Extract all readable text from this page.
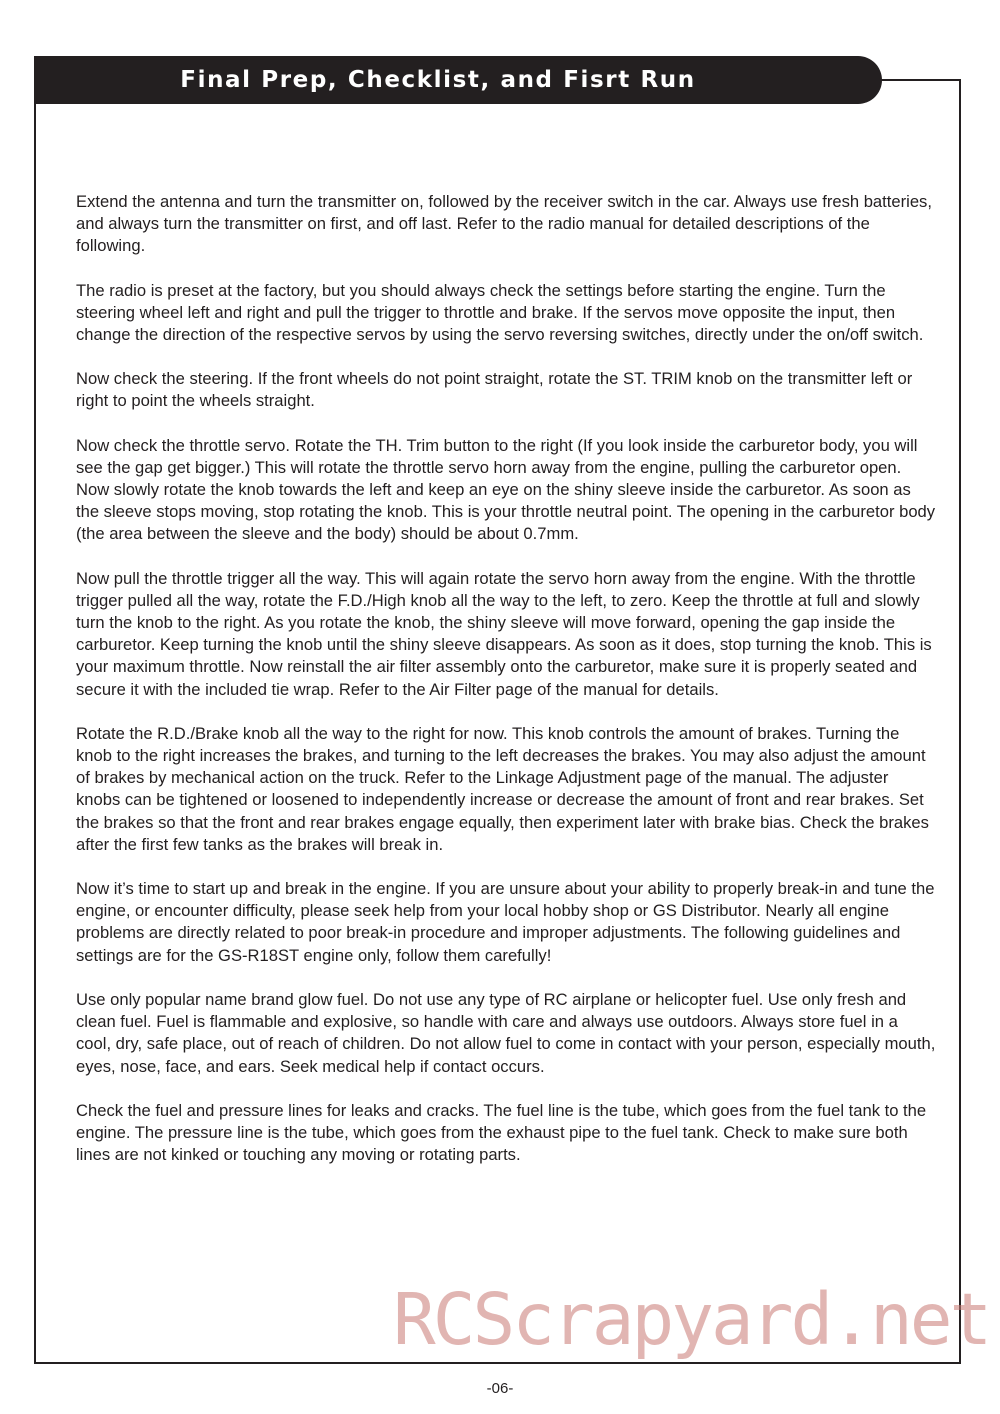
Final Prep, Checklist, and Fisrt Run

Extend the antenna and turn the transmitter on, followed by the receiver switch in the car. Always use fresh batteries, and always turn the transmitter on first, and off last. Refer to the radio manual for detailed descriptions of the following.

The radio is preset at the factory, but you should always check the settings before starting the engine. Turn the steering wheel left and right and pull the trigger to throttle and brake. If the servos move opposite the input, then change the direction of the respective servos by using the servo reversing switches, directly under the on/off switch.

Now check the steering. If the front wheels do not point straight, rotate the ST. TRIM knob on the transmitter left or right to point the wheels straight.

Now check the throttle servo. Rotate the TH. Trim button to the right (If you look inside the carburetor body, you will see the gap get bigger.) This will rotate the throttle servo horn away from the engine, pulling the carburetor open. Now slowly rotate the knob towards the left and keep an eye on the shiny sleeve inside the carburetor. As soon as the sleeve stops moving, stop rotating the knob. This is your throttle neutral point. The opening in the carburetor body (the area between the sleeve and the body) should be about 0.7mm.

Now pull the throttle trigger all the way. This will again rotate the servo horn away from the engine. With the throttle trigger pulled all the way, rotate the F.D./High knob all the way to the left, to zero. Keep the throttle at full and slowly turn the knob to the right. As you rotate the knob, the shiny sleeve will move forward, opening the gap inside the carburetor. Keep turning the knob until the shiny sleeve disappears. As soon as it does, stop turning the knob. This is your maximum throttle. Now reinstall the air filter assembly onto the carburetor, make sure it is properly seated and secure it with the included tie wrap. Refer to the Air Filter page of the manual for details.

Rotate the R.D./Brake knob all the way to the right for now. This knob controls the amount of brakes. Turning the knob to the right increases the brakes, and turning to the left decreases the brakes. You may also adjust the amount of brakes by mechanical action on the truck. Refer to the Linkage Adjustment page of the manual. The adjuster knobs can be tightened or loosened to independently increase or decrease the amount of front and rear brakes. Set the brakes so that the front and rear brakes engage equally, then experiment later with brake bias. Check the brakes after the first few tanks as the brakes will break in.

Now it’s time to start up and break in the engine. If you are unsure about your ability to properly break-in and tune the engine, or encounter difficulty, please seek help from your local hobby shop or GS Distributor. Nearly all engine problems are directly related to poor break-in procedure and improper adjustments. The following guidelines and settings are for the GS-R18ST engine only, follow them carefully!

Use only popular name brand glow fuel. Do not use any type of RC airplane or helicopter fuel. Use only fresh and clean fuel. Fuel is flammable and explosive, so handle with care and always use outdoors. Always store fuel in a cool, dry, safe place, out of reach of children. Do not allow fuel to come in contact with your person, especially mouth, eyes, nose, face, and ears. Seek medical help if contact occurs.

Check the fuel and pressure lines for leaks and cracks. The fuel line is the tube, which goes from the fuel tank to the engine. The pressure line is the tube, which goes from the exhaust pipe to the fuel tank. Check to make sure both lines are not kinked or touching any moving or rotating parts.

RCScrapyard.net
-06-
